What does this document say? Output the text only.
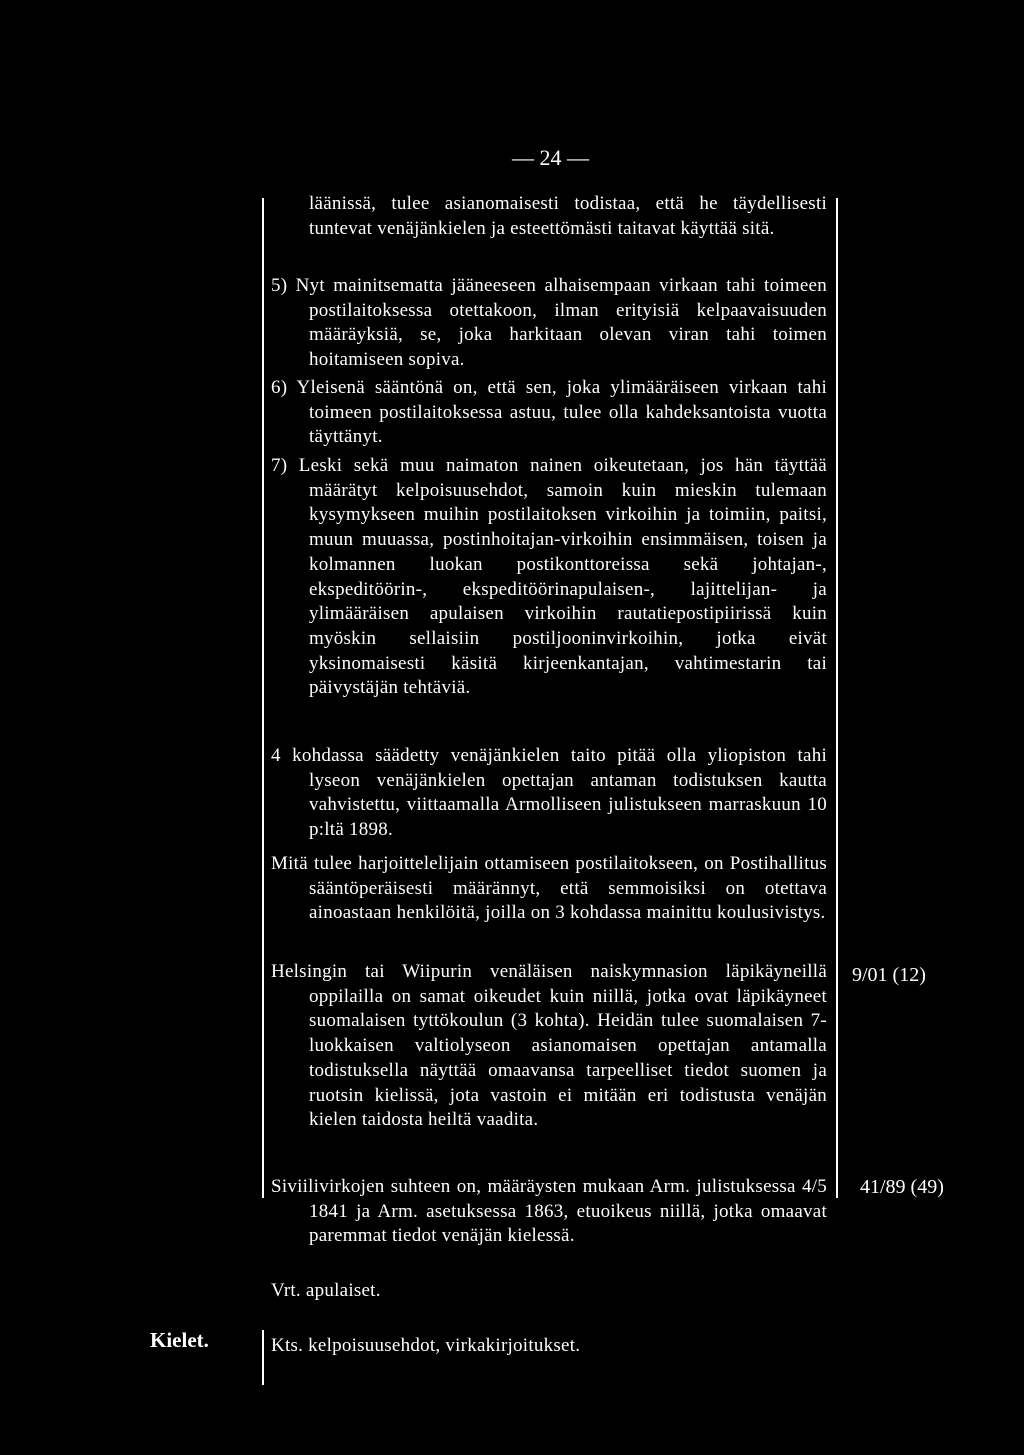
— 24 —
läänissä, tulee asianomaisesti todistaa, että he täydellisesti tuntevat venäjänkielen ja esteettömästi taitavat käyttää sitä.
5) Nyt mainitsematta jääneeseen alhaisempaan virkaan tahi toimeen postilaitoksessa otettakoon, ilman erityisiä kelpaavaisuuden määräyksiä, se, joka harkitaan olevan viran tahi toimen hoitamiseen sopiva.
6) Yleisenä sääntönä on, että sen, joka ylimääräiseen virkaan tahi toimeen postilaitoksessa astuu, tulee olla kahdeksantoista vuotta täyttänyt.
7) Leski sekä muu naimaton nainen oikeutetaan, jos hän täyttää määrätyt kelpoisuusehdot, samoin kuin mieskin tulemaan kysymykseen muihin postilaitoksen virkoihin ja toimiin, paitsi, muun muuassa, postinhoitajan-virkoihin ensimmäisen, toisen ja kolmannen luokan postikonttoreissa sekä johtajan-, ekspeditöörin-, ekspeditöörinapulaisen-, lajittelijan- ja ylimääräisen apulaisen virkoihin rautatiepostipiirissä kuin myöskin sellaisiin postiljooninvirkoihin, jotka eivät yksinomaisesti käsitä kirjeenkantajan, vahtimestarin tai päivystäjän tehtäviä.
4 kohdassa säädetty venäjänkielen taito pitää olla yliopiston tahi lyseon venäjänkielen opettajan antaman todistuksen kautta vahvistettu, viittaamalla Armolliseen julistukseen marraskuun 10 p:ltä 1898.
Mitä tulee harjoittelelijain ottamiseen postilaitokseen, on Postihallitus sääntöperäisesti määrännyt, että semmoisiksi on otettava ainoastaan henkilöitä, joilla on 3 kohdassa mainittu koulusivistys.
Helsingin tai Wiipurin venäläisen naiskymnasion läpikäyneillä oppilailla on samat oikeudet kuin niillä, jotka ovat läpikäyneet suomalaisen tyttökoulun (3 kohta). Heidän tulee suomalaisen 7-luokkaisen valtiolyseon asianomaisen opettajan antamalla todistuksella näyttää omaavansa tarpeelliset tiedot suomen ja ruotsin kielissä, jota vastoin ei mitään eri todistusta venäjän kielen taidosta heiltä vaadita.
Siviilivirkojen suhteen on, määräysten mukaan Arm. julistuksessa 4/5 1841 ja Arm. asetuksessa 1863, etuoikeus niillä, jotka omaavat paremmat tiedot venäjän kielessä.
Vrt. apulaiset.
9/01 (12)
41/89 (49)
Kielet.	Kts. kelpoisuusehdot, virkakirjoitukset.
